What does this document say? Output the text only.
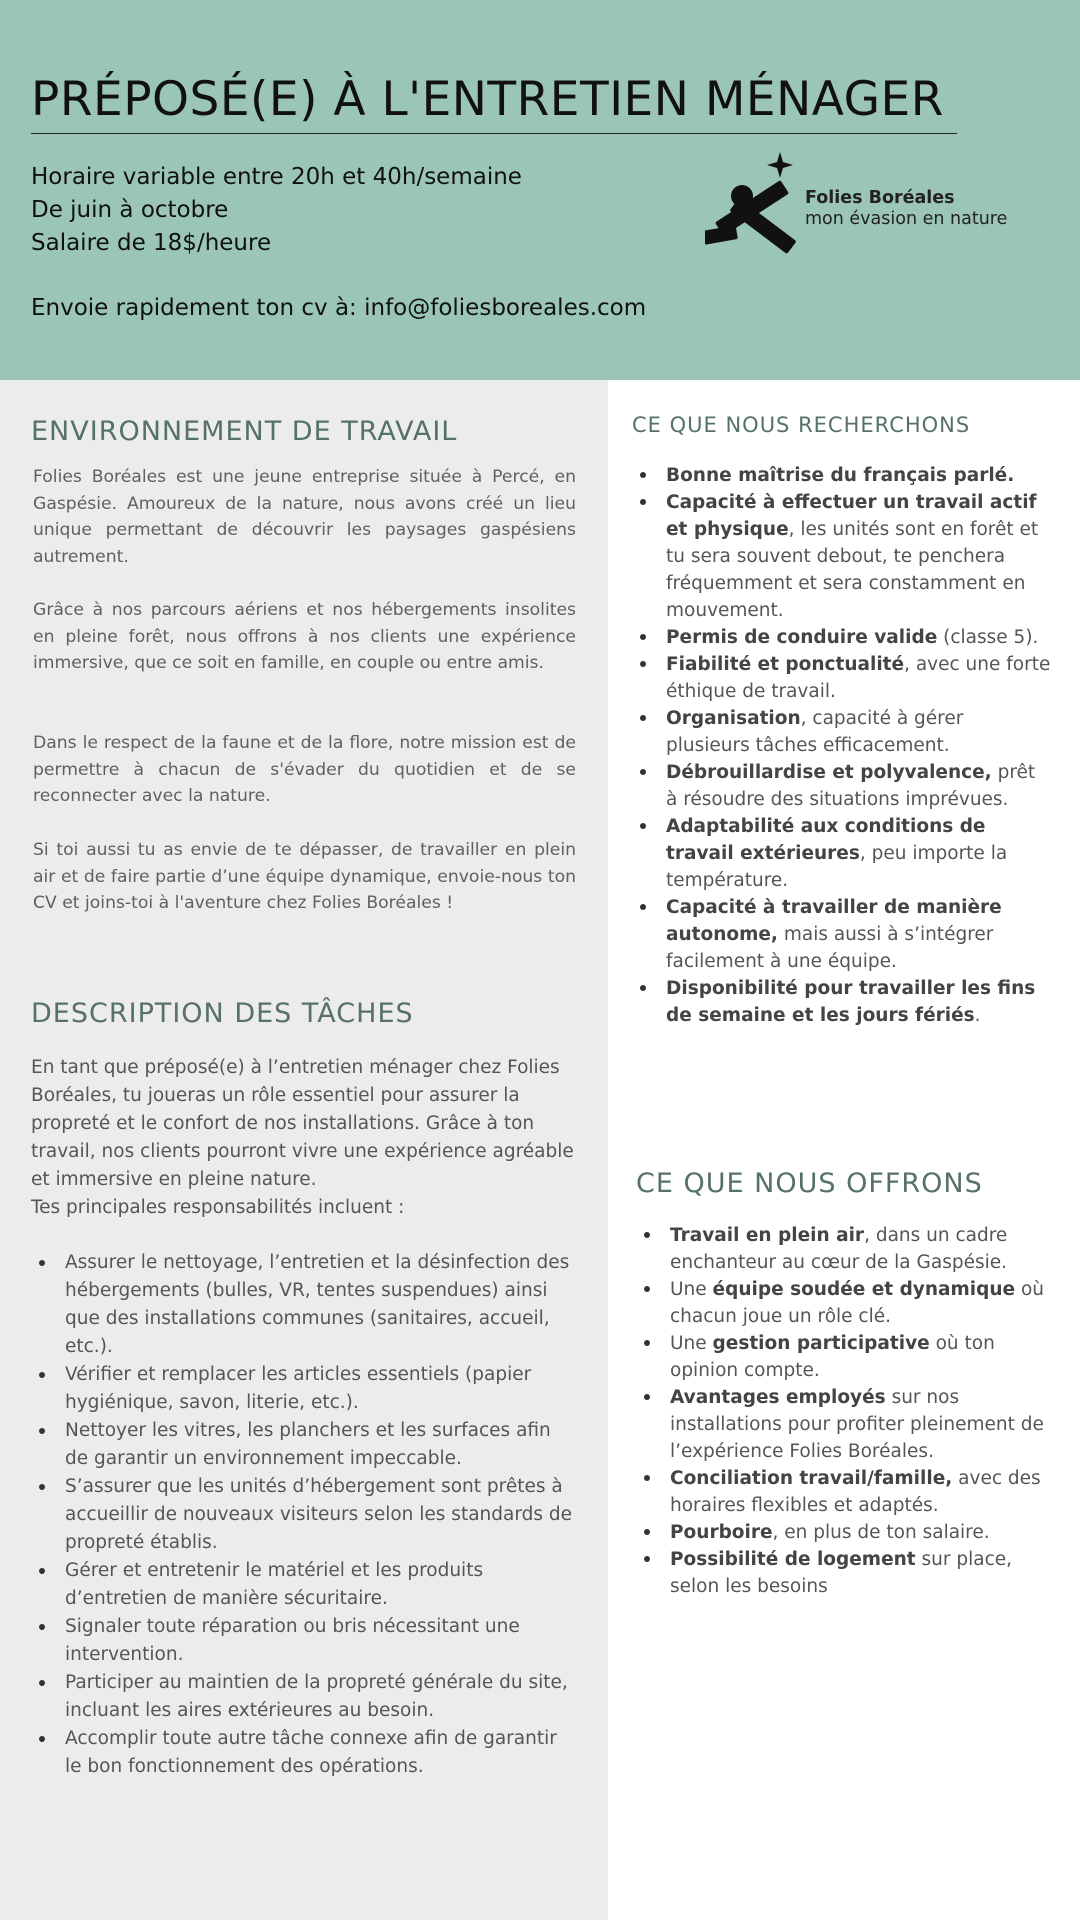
PRÉPOSÉ(E) À L'ENTRETIEN MÉNAGER
Horaire variable entre 20h et 40h/semaine
De juin à octobre
Salaire de 18$/heure
Envoie rapidement ton cv à: info@foliesboreales.com
Folies Boréales
mon évasion en nature
ENVIRONNEMENT DE TRAVAIL
Folies Boréales est une jeune entreprise située à Percé, en Gaspésie. Amoureux de la nature, nous avons créé un lieu unique permettant de découvrir les paysages gaspésiens autrement.
Grâce à nos parcours aériens et nos hébergements insolites en pleine forêt, nous offrons à nos clients une expérience immersive, que ce soit en famille, en couple ou entre amis.
Dans le respect de la faune et de la flore, notre mission est de permettre à chacun de s'évader du quotidien et de se reconnecter avec la nature.
Si toi aussi tu as envie de te dépasser, de travailler en plein air et de faire partie d’une équipe dynamique, envoie-nous ton CV et joins-toi à l'aventure chez Folies Boréales !
DESCRIPTION DES TÂCHES
En tant que préposé(e) à l’entretien ménager chez Folies Boréales, tu joueras un rôle essentiel pour assurer la propreté et le confort de nos installations. Grâce à ton travail, nos clients pourront vivre une expérience agréable et immersive en pleine nature.
Tes principales responsabilités incluent :
Assurer le nettoyage, l’entretien et la désinfection des hébergements (bulles, VR, tentes suspendues) ainsi que des installations communes (sanitaires, accueil, etc.).
Vérifier et remplacer les articles essentiels (papier hygiénique, savon, literie, etc.).
Nettoyer les vitres, les planchers et les surfaces afin de garantir un environnement impeccable.
S’assurer que les unités d’hébergement sont prêtes à accueillir de nouveaux visiteurs selon les standards de propreté établis.
Gérer et entretenir le matériel et les produits d’entretien de manière sécuritaire.
Signaler toute réparation ou bris nécessitant une intervention.
Participer au maintien de la propreté générale du site, incluant les aires extérieures au besoin.
Accomplir toute autre tâche connexe afin de garantir le bon fonctionnement des opérations.
CE QUE NOUS RECHERCHONS
Bonne maîtrise du français parlé.
Capacité à effectuer un travail actif et physique, les unités sont en forêt et tu sera souvent debout, te penchera fréquemment et sera constamment en mouvement.
Permis de conduire valide (classe 5).
Fiabilité et ponctualité, avec une forte éthique de travail.
Organisation, capacité à gérer plusieurs tâches efficacement.
Débrouillardise et polyvalence, prêt à résoudre des situations imprévues.
Adaptabilité aux conditions de travail extérieures, peu importe la température.
Capacité à travailler de manière autonome, mais aussi à s’intégrer facilement à une équipe.
Disponibilité pour travailler les fins de semaine et les jours fériés.
CE QUE NOUS OFFRONS
Travail en plein air, dans un cadre enchanteur au cœur de la Gaspésie.
Une équipe soudée et dynamique où chacun joue un rôle clé.
Une gestion participative où ton opinion compte.
Avantages employés sur nos installations pour profiter pleinement de l’expérience Folies Boréales.
Conciliation travail/famille, avec des horaires flexibles et adaptés.
Pourboire, en plus de ton salaire.
Possibilité de logement sur place, selon les besoins
